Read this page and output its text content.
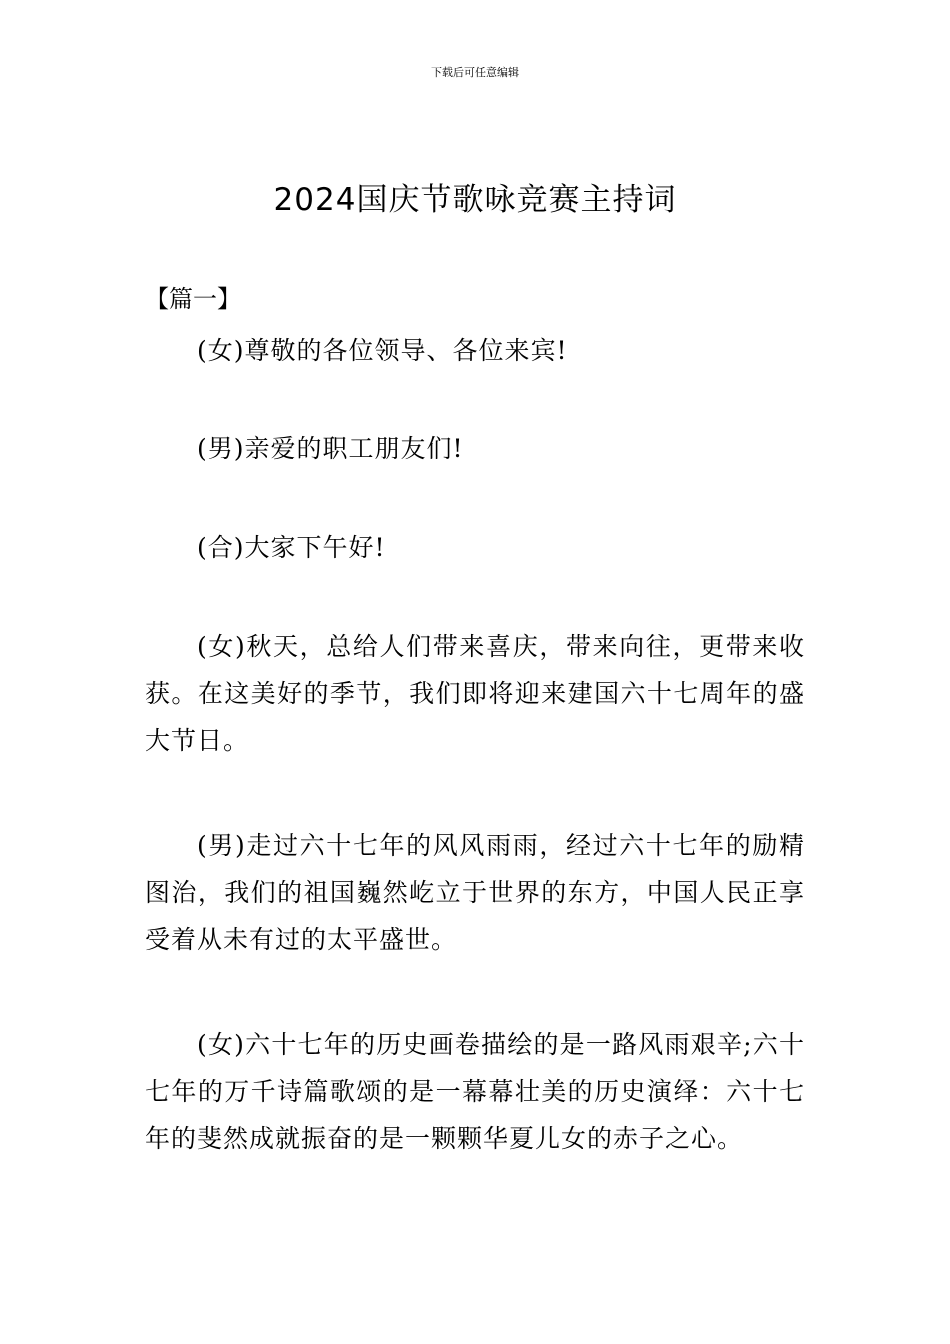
下载后可任意编辑
2024国庆节歌咏竞赛主持词
【篇一】

(女)尊敬的各位领导、各位来宾!

(男)亲爱的职工朋友们!

(合)大家下午好!

(女)秋天，总给人们带来喜庆，带来向往，更带来收获。在这美好的季节，我们即将迎来建国六十七周年的盛大节日。

(男)走过六十七年的风风雨雨，经过六十七年的励精图治，我们的祖国巍然屹立于世界的东方，中国人民正享受着从未有过的太平盛世。

(女)六十七年的历史画卷描绘的是一路风雨艰辛;六十七年的万千诗篇歌颂的是一幕幕壮美的历史演绎：六十七年的斐然成就振奋的是一颗颗华夏儿女的赤子之心。
